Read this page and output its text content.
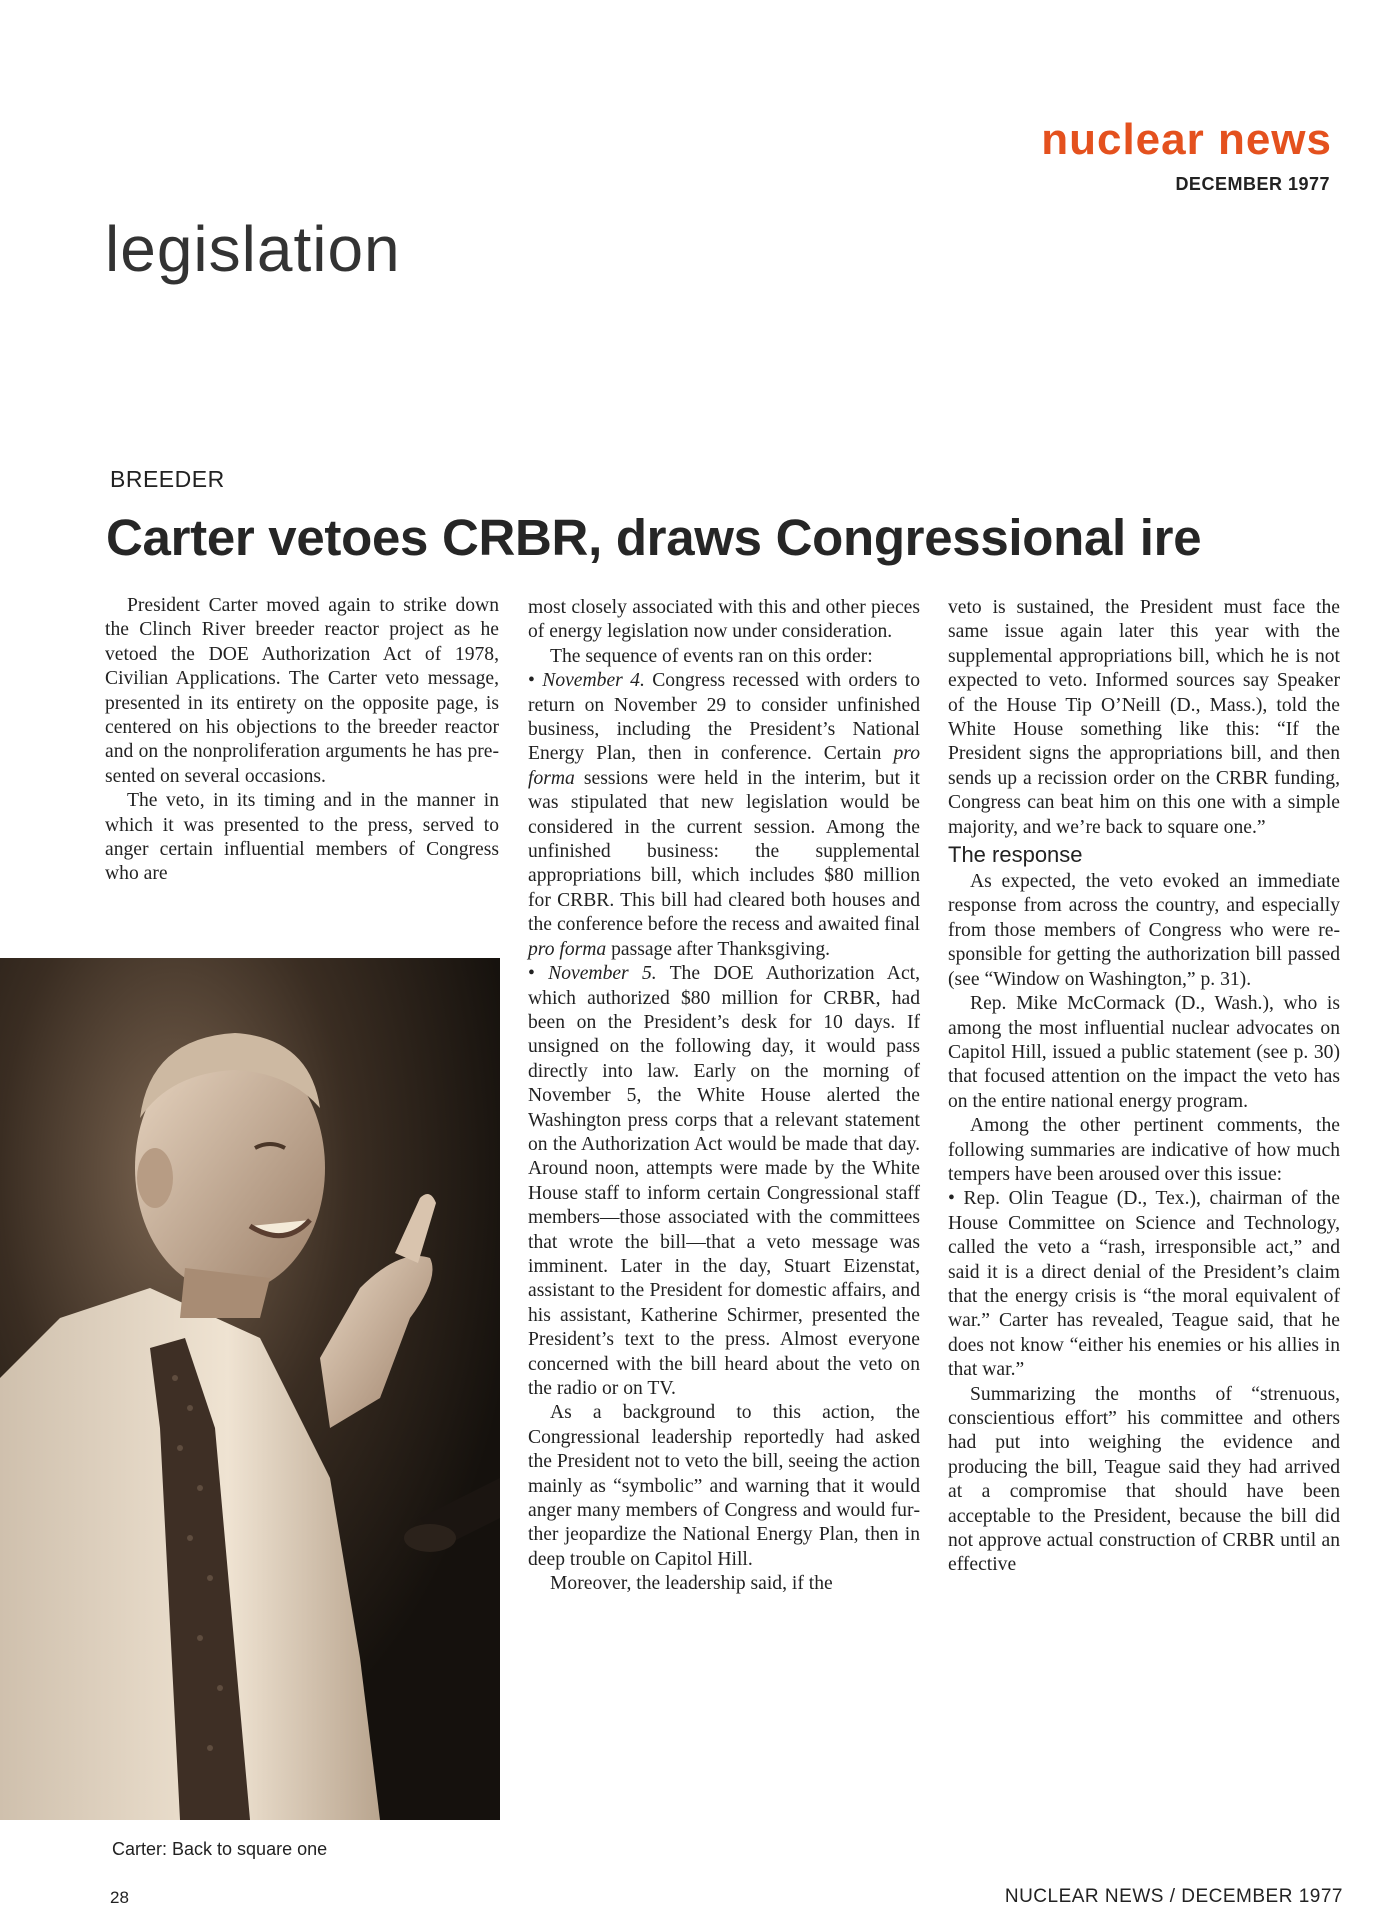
nuclear news
DECEMBER 1977
legislation
BREEDER
Carter vetoes CRBR, draws Congressional ire

President Carter moved again to strike down the Clinch River breeder reactor project as he vetoed the DOE Authorization Act of 1978, Civilian Applications. The Carter veto message, presented in its entirety on the opposite page, is centered on his objections to the breeder reactor and on the nonproliferation arguments he has presented on several occasions.

The veto, in its timing and in the manner in which it was presented to the press, served to anger certain influential members of Congress who are

Carter: Back to square one

most closely associated with this and other pieces of energy legislation now under consideration.

The sequence of events ran on this order:

• November 4. Congress recessed with orders to return on November 29 to consider unfinished business, including the President’s National Energy Plan, then in conference. Certain pro forma sessions were held in the interim, but it was stipulated that new legislation would be considered in the current session. Among the unfinished business: the supplemental appropriations bill, which includes $80 million for CRBR. This bill had cleared both houses and the conference before the recess and awaited final pro forma passage after Thanksgiving.

• November 5. The DOE Authorization Act, which authorized $80 million for CRBR, had been on the President’s desk for 10 days. If unsigned on the following day, it would pass directly into law. Early on the morning of November 5, the White House alerted the Washington press corps that a relevant statement on the Authorization Act would be made that day. Around noon, attempts were made by the White House staff to inform certain Congressional staff members—those associated with the committees that wrote the bill—that a veto message was imminent. Later in the day, Stuart Eizenstat, assistant to the President for domestic affairs, and his assistant, Katherine Schirmer, presented the President’s text to the press. Almost everyone concerned with the bill heard about the veto on the radio or on TV.

As a background to this action, the Congressional leadership reportedly had asked the President not to veto the bill, seeing the action mainly as “symbolic” and warning that it would anger many members of Congress and would further jeopardize the National Energy Plan, then in deep trouble on Capitol Hill.

Moreover, the leadership said, if the

veto is sustained, the President must face the same issue again later this year with the supplemental appropriations bill, which he is not expected to veto. Informed sources say Speaker of the House Tip O’Neill (D., Mass.), told the White House something like this: “If the President signs the appropriations bill, and then sends up a recission order on the CRBR funding, Congress can beat him on this one with a simple majority, and we’re back to square one.”

The response

As expected, the veto evoked an immediate response from across the country, and especially from those members of Congress who were responsible for getting the authorization bill passed (see “Window on Washington,” p. 31).

Rep. Mike McCormack (D., Wash.), who is among the most influential nuclear advocates on Capitol Hill, issued a public statement (see p. 30) that focused attention on the impact the veto has on the entire national energy program.

Among the other pertinent comments, the following summaries are indicative of how much tempers have been aroused over this issue:

• Rep. Olin Teague (D., Tex.), chairman of the House Committee on Science and Technology, called the veto a “rash, irresponsible act,” and said it is a direct denial of the President’s claim that the energy crisis is “the moral equivalent of war.” Carter has revealed, Teague said, that he does not know “either his enemies or his allies in that war.”

Summarizing the months of “strenuous, conscientious effort” his committee and others had put into weighing the evidence and producing the bill, Teague said they had arrived at a compromise that should have been acceptable to the President, because the bill did not approve actual construction of CRBR until an effective

28	NUCLEAR NEWS / DECEMBER 1977
